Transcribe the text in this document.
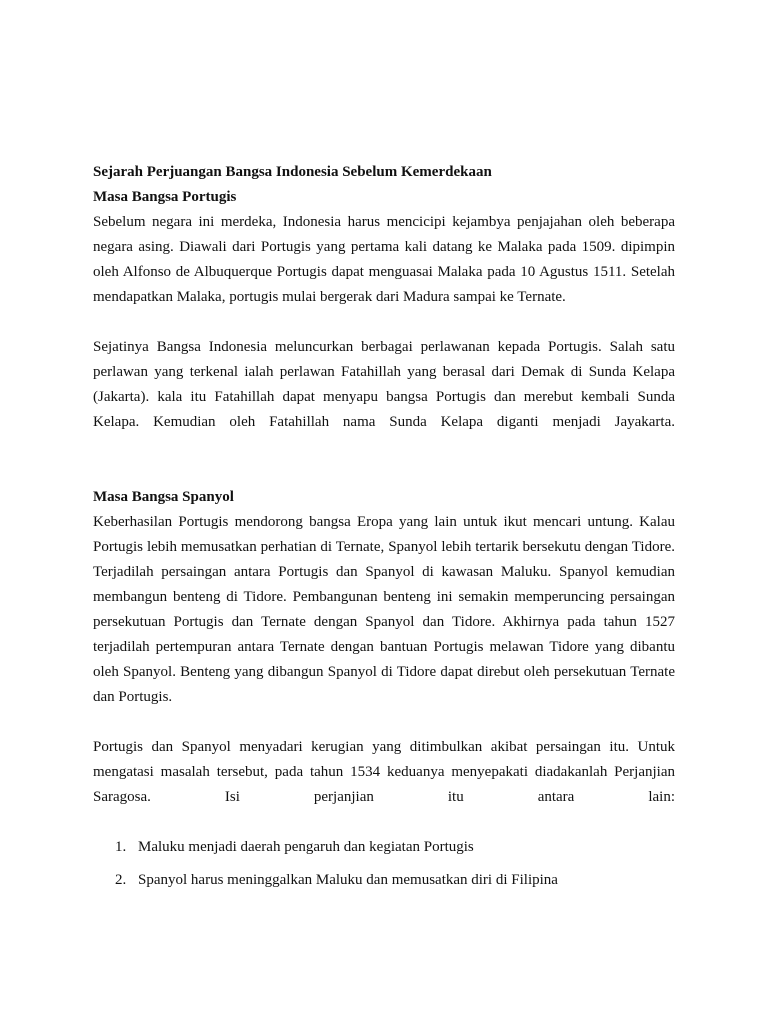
Sejarah Perjuangan Bangsa Indonesia Sebelum Kemerdekaan

Masa Bangsa Portugis

Sebelum negara ini merdeka, Indonesia harus mencicipi kejambya penjajahan oleh beberapa negara asing. Diawali dari Portugis yang pertama kali datang ke Malaka pada 1509. dipimpin oleh Alfonso de Albuquerque Portugis dapat menguasai Malaka pada 10 Agustus 1511. Setelah mendapatkan Malaka, portugis mulai bergerak dari Madura sampai ke Ternate.

Sejatinya Bangsa Indonesia meluncurkan berbagai perlawanan kepada Portugis. Salah satu perlawan yang terkenal ialah perlawan Fatahillah yang berasal dari Demak di Sunda Kelapa (Jakarta). kala itu Fatahillah dapat menyapu bangsa Portugis dan merebut kembali Sunda Kelapa. Kemudian oleh Fatahillah nama Sunda Kelapa diganti menjadi Jayakarta.

Masa Bangsa Spanyol

Keberhasilan Portugis mendorong bangsa Eropa yang lain untuk ikut mencari untung. Kalau Portugis lebih memusatkan perhatian di Ternate, Spanyol lebih tertarik bersekutu dengan Tidore. Terjadilah persaingan antara Portugis dan Spanyol di kawasan Maluku. Spanyol kemudian membangun benteng di Tidore. Pembangunan benteng ini semakin memperuncing persaingan persekutuan Portugis dan Ternate dengan Spanyol dan Tidore. Akhirnya pada tahun 1527 terjadilah pertempuran antara Ternate dengan bantuan Portugis melawan Tidore yang dibantu oleh Spanyol. Benteng yang dibangun Spanyol di Tidore dapat direbut oleh persekutuan Ternate dan Portugis.

Portugis dan Spanyol menyadari kerugian yang ditimbulkan akibat persaingan itu. Untuk mengatasi masalah tersebut, pada tahun 1534 keduanya menyepakati diadakanlah Perjanjian Saragosa. Isi perjanjian itu antara lain:

1. Maluku menjadi daerah pengaruh dan kegiatan Portugis
2. Spanyol harus meninggalkan Maluku dan memusatkan diri di Filipina
